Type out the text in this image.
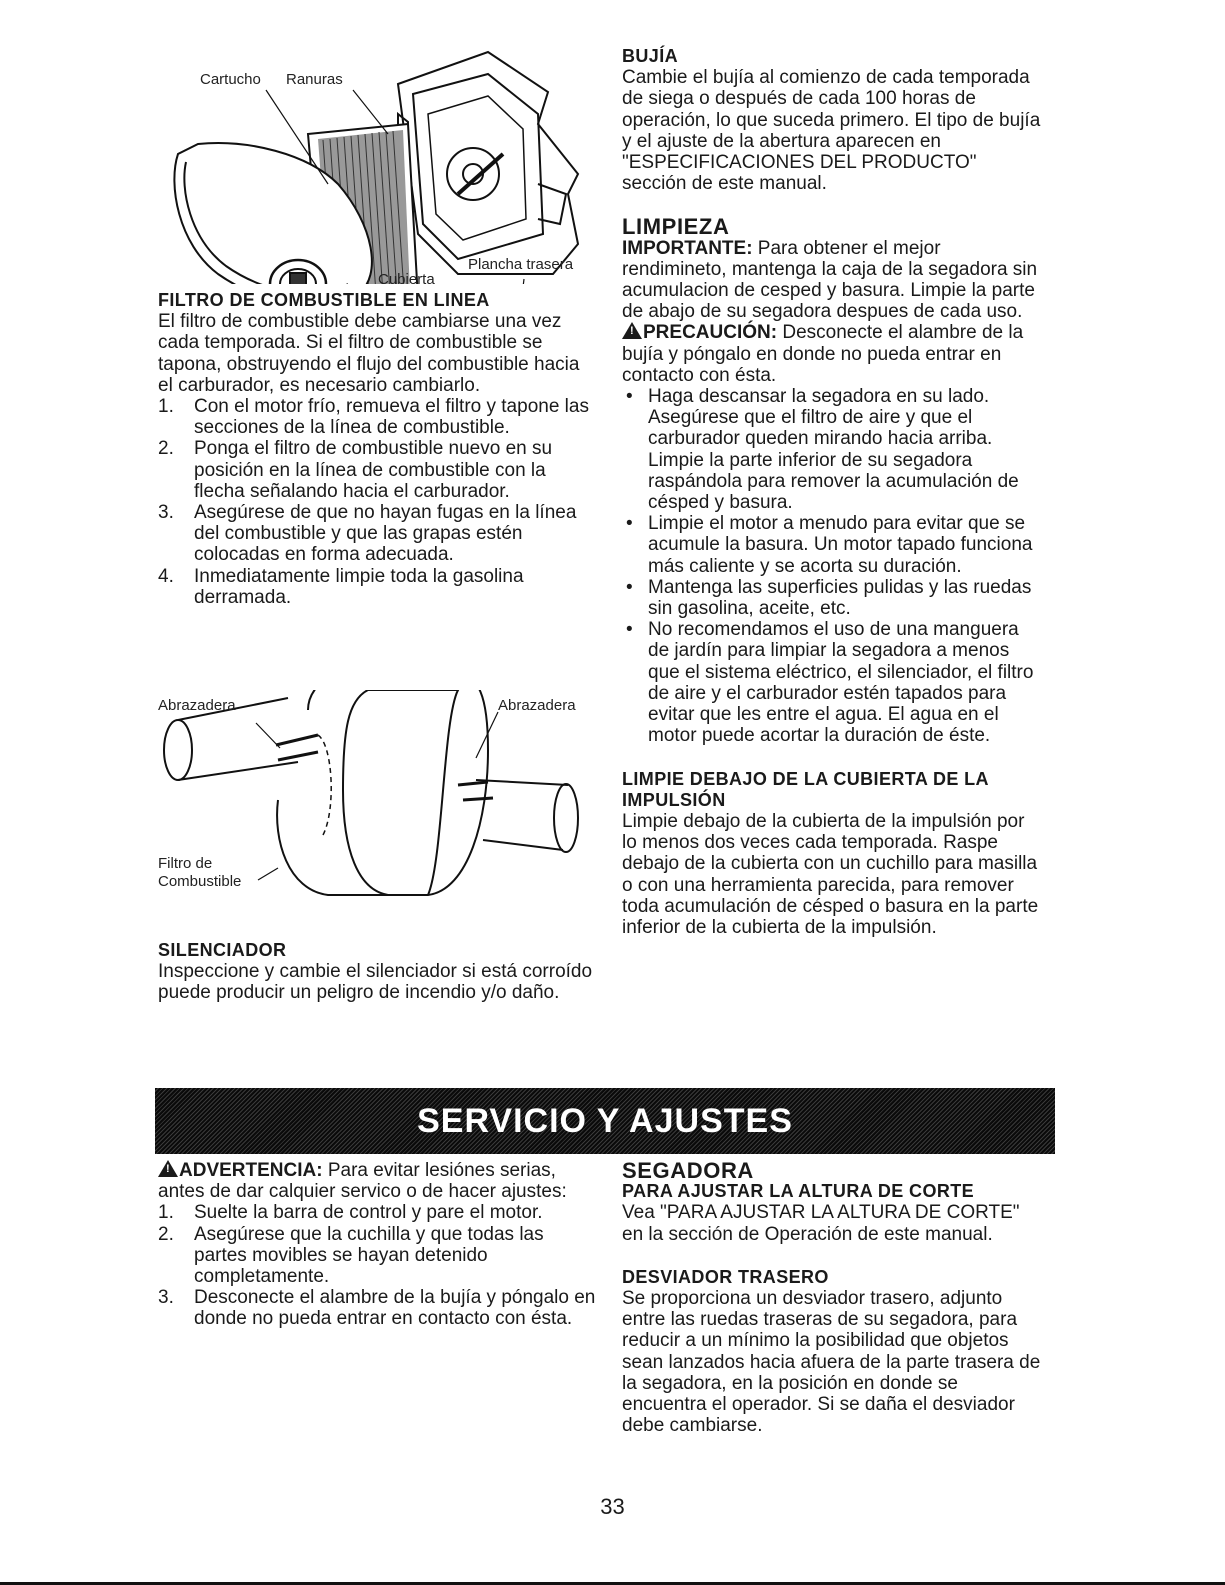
Cartucho Ranuras
Cubierta
Plancha trasera

FILTRO DE COMBUSTIBLE EN LINEA

El filtro de combustible debe cambiarse una vez cada temporada. Si el filtro de combustible se tapona, obstruyendo el flujo del combustible hacia el carburador, es necesario cambiarlo.

1. Con el motor frío, remueva el filtro y tapone las secciones de la línea de combustible.
2. Ponga el filtro de combustible nuevo en su posición en la línea de combustible con la flecha señalando hacia el carburador.
3. Asegúrese de que no hayan fugas en la línea del combustible y que las grapas estén colocadas en forma adecuada.
4. Inmediatamente limpie toda la gasolina derramada.
Abrazadera	Abrazadera
Filtro de
Combustible

SILENCIADOR

Inspeccione y cambie el silenciador si está corroído puede producir un peligro de incendio y/o daño.

BUJÍA

Cambie el bujía al comienzo de cada temporada de siega o después de cada 100 horas de operación, lo que suceda primero. El tipo de bujía y el ajuste de la abertura aparecen en "ESPECIFICACIONES DEL PRODUCTO" sección de este manual.

LIMPIEZA

IMPORTANTE: Para obtener el mejor rendimineto, mantenga la caja de la segadora sin acumulacion de cesped y basura. Limpie la parte de abajo de su segadora despues de cada uso.

! PRECAUCIÓN: Desconecte el alambre de la bujía y póngalo en donde no pueda entrar en contacto con ésta.

• Haga descansar la segadora en su lado. Asegúrese que el filtro de aire y que el carburador queden mirando hacia arriba. Limpie la parte inferior de su segadora raspándola para remover la acumulación de césped y basura.
• Limpie el motor a menudo para evitar que se acumule la basura. Un motor tapado funciona más caliente y se acorta su duración.
• Mantenga las superficies pulidas y las ruedas sin gasolina, aceite, etc.
• No recomendamos el uso de una manguera de jardín para limpiar la segadora a menos que el sistema eléctrico, el silenciador, el filtro de aire y el carburador estén tapados para evitar que les entre el agua. El agua en el motor puede acortar la duración de éste.

LIMPIE DEBAJO DE LA CUBIERTA DE LA IMPULSIÓN

Limpie debajo de la cubierta de la impulsión por lo menos dos veces cada temporada. Raspe debajo de la cubierta con un cuchillo para masilla o con una herramienta parecida, para remover toda acumulación de césped o basura en la parte inferior de la cubierta de la impulsión.

SERVICIO Y AJUSTES

! ADVERTENCIA: Para evitar lesiónes serias, antes de dar calquier servico o de hacer ajustes:

1. Suelte la barra de control y pare el motor.
2. Asegúrese que la cuchilla y que todas las partes movibles se hayan detenido completamente.
3. Desconecte el alambre de la bujía y póngalo en donde no pueda entrar en contacto con ésta.

SEGADORA

PARA AJUSTAR LA ALTURA DE CORTE

Vea "PARA AJUSTAR LA ALTURA DE CORTE" en la sección de Operación de este manual.

DESVIADOR TRASERO

Se proporciona un desviador trasero, adjunto entre las ruedas traseras de su segadora, para reducir a un mínimo la posibilidad que objetos sean lanzados hacia afuera de la parte trasera de la segadora, en la posición en donde se encuentra el operador. Si se daña el desviador debe cambiarse.

33
